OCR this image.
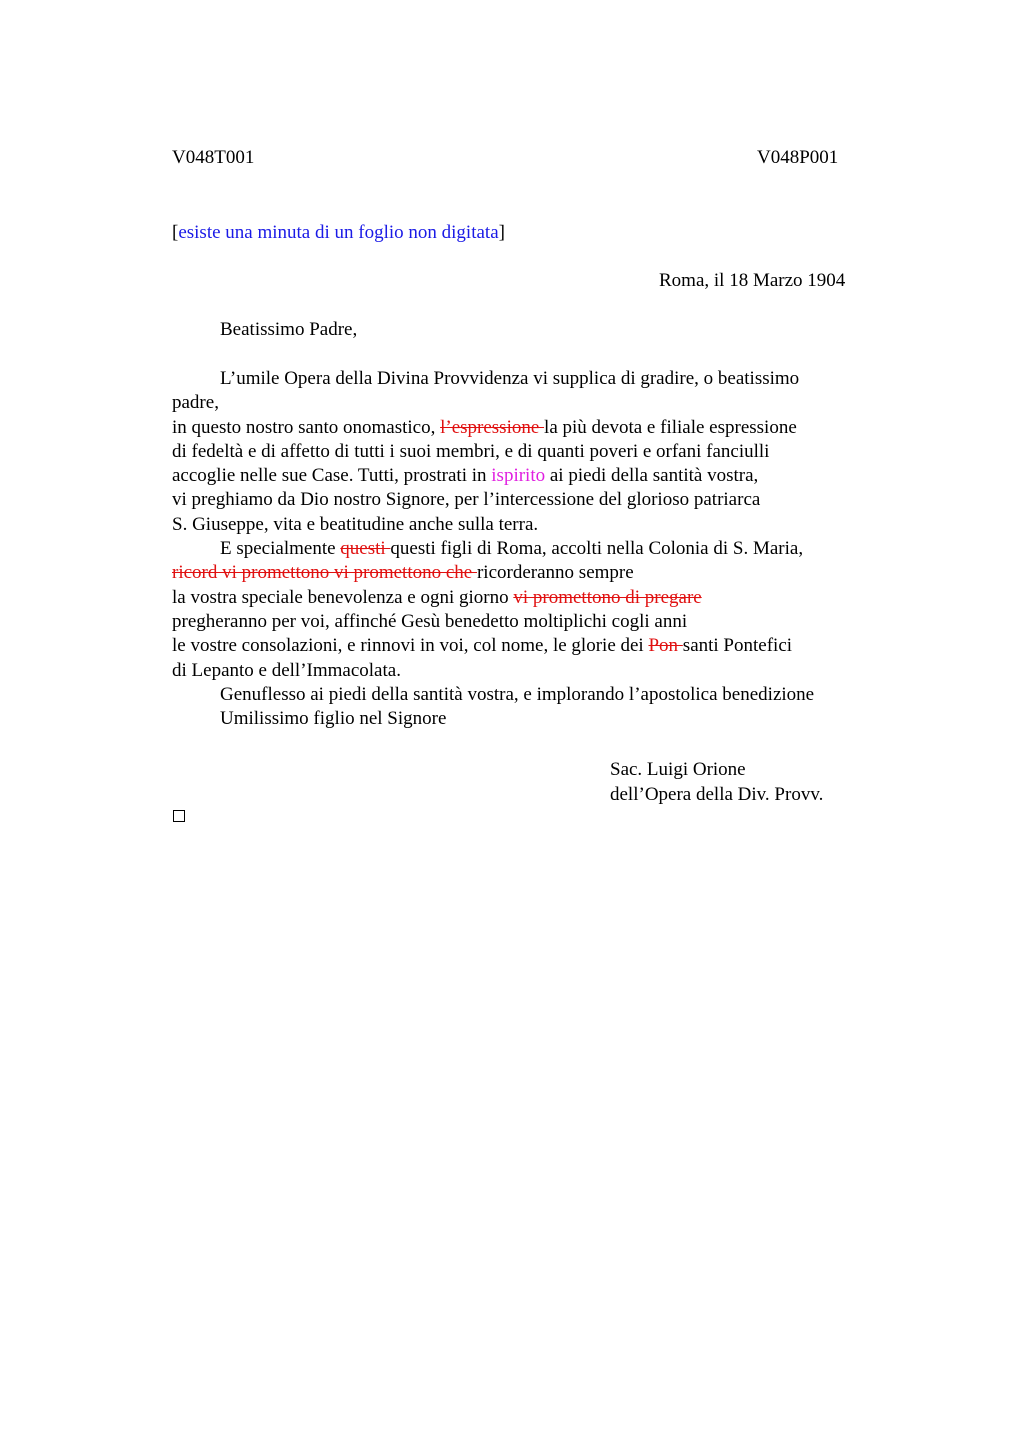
V048T001	V048P001
[esiste una minuta di un foglio non digitata]
Roma, il 18 Marzo 1904
Beatissimo Padre,
L’umile Opera della Divina Provvidenza vi supplica di gradire, o beatissimo
padre,
in questo nostro santo onomastico, l’espressione la più devota e filiale espressione
di fedeltà e di affetto di tutti i suoi membri, e di quanti poveri e orfani fanciulli
accoglie nelle sue Case. Tutti, prostrati in ispirito ai piedi della santità vostra,
vi preghiamo da Dio nostro Signore, per l’intercessione del glorioso patriarca
S. Giuseppe, vita e beatitudine anche sulla terra.
E specialmente questi questi figli di Roma, accolti nella Colonia di S. Maria,
ricord vi promettono vi promettono che ricorderanno sempre
la vostra speciale benevolenza e ogni giorno vi promettono di pregare
pregheranno per voi, affinché Gesù benedetto moltiplichi cogli anni
le vostre consolazioni, e rinnovi in voi, col nome, le glorie dei Pon santi Pontefici
di Lepanto e dell’Immacolata.
Genuflesso ai piedi della santità vostra, e implorando l’apostolica benedizione
Umilissimo figlio nel Signore
Sac. Luigi Orione
dell’Opera della Div. Provv.
